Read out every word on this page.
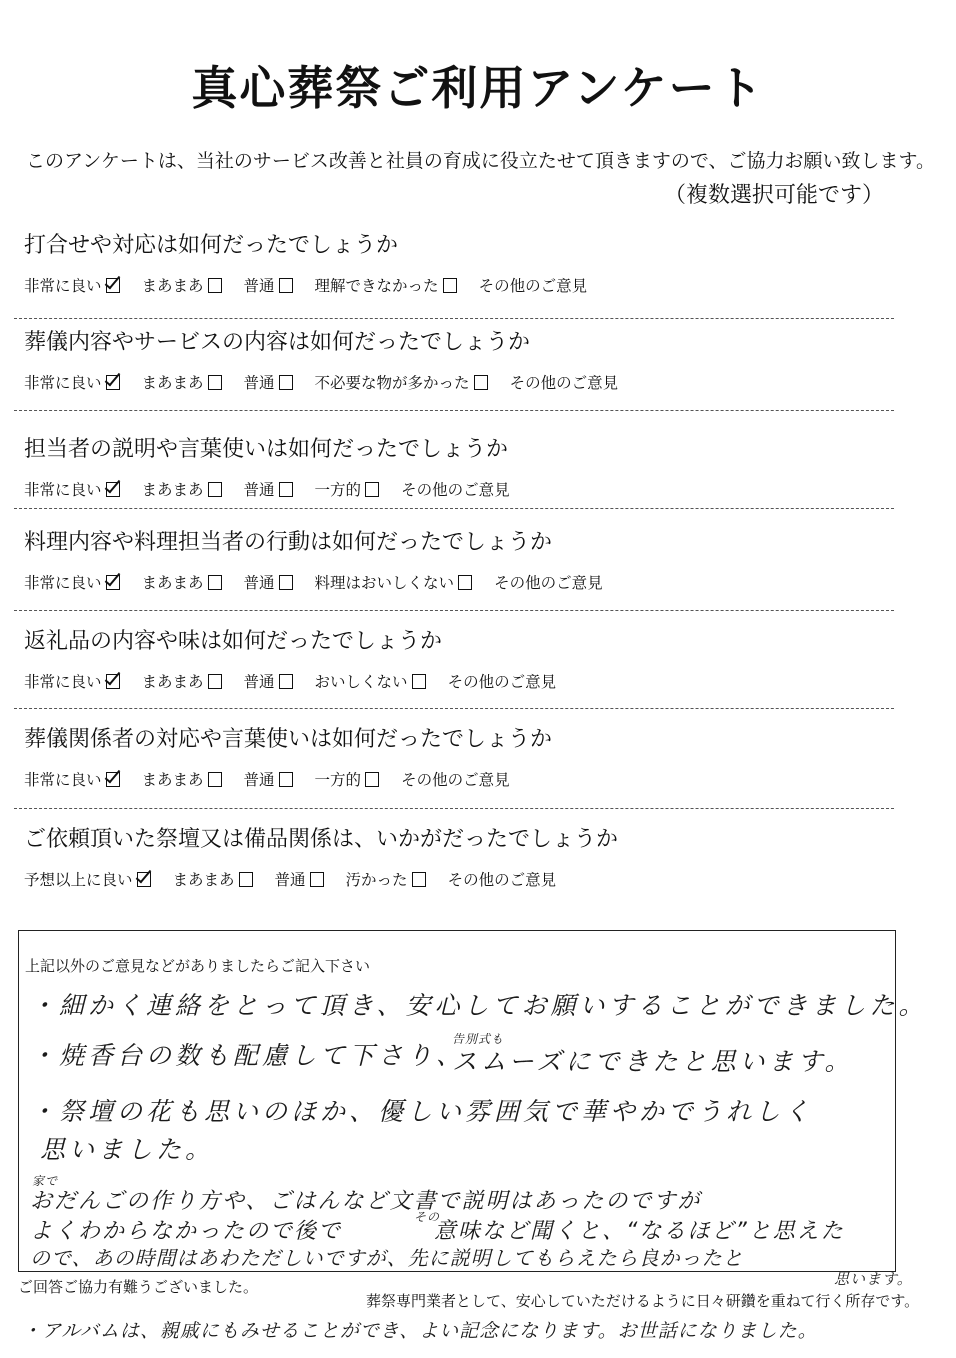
真心葬祭ご利用アンケート
このアンケートは、当社のサービス改善と社員の育成に役立たせて頂きますので、ご協力お願い致します。
（複数選択可能です）
打合せや対応は如何だったでしょうか
非常に良い	まあまあ	普通	理解できなかった	その他のご意見
葬儀内容やサービスの内容は如何だったでしょうか
非常に良い	まあまあ	普通	不必要な物が多かった	その他のご意見
担当者の説明や言葉使いは如何だったでしょうか
非常に良い	まあまあ	普通	一方的	その他のご意見
料理内容や料理担当者の行動は如何だったでしょうか
非常に良い	まあまあ	普通	料理はおいしくない	その他のご意見
返礼品の内容や味は如何だったでしょうか
非常に良い	まあまあ	普通	おいしくない	その他のご意見
葬儀関係者の対応や言葉使いは如何だったでしょうか
非常に良い	まあまあ	普通	一方的	その他のご意見
ご依頼頂いた祭壇又は備品関係は、いかがだったでしょうか
予想以上に良い	まあまあ	普通	汚かった	その他のご意見
上記以外のご意見などがありましたらご記入下さい
・細かく連絡をとって頂き、安心してお願いすることができました。
・焼香台の数も配慮して下さり、
告別式も
スムーズにできたと思います。
・祭壇の花も思いのほか、優しい雰囲気で華やかでうれしく
思いました。
家で
おだんごの作り方や、ごはんなど文書で説明はあったのですが
よくわからなかったので後で
その
意味など聞くと、“なるほど”と思えた
ので、あの時間はあわただしいですが、先に説明してもらえたら良かったと
思います。
ご回答ご協力有難うございました。
葬祭専門業者として、安心していただけるように日々研鑽を重ねて行く所存です。
・アルバムは、親戚にもみせることができ、よい記念になります。お世話になりました。
